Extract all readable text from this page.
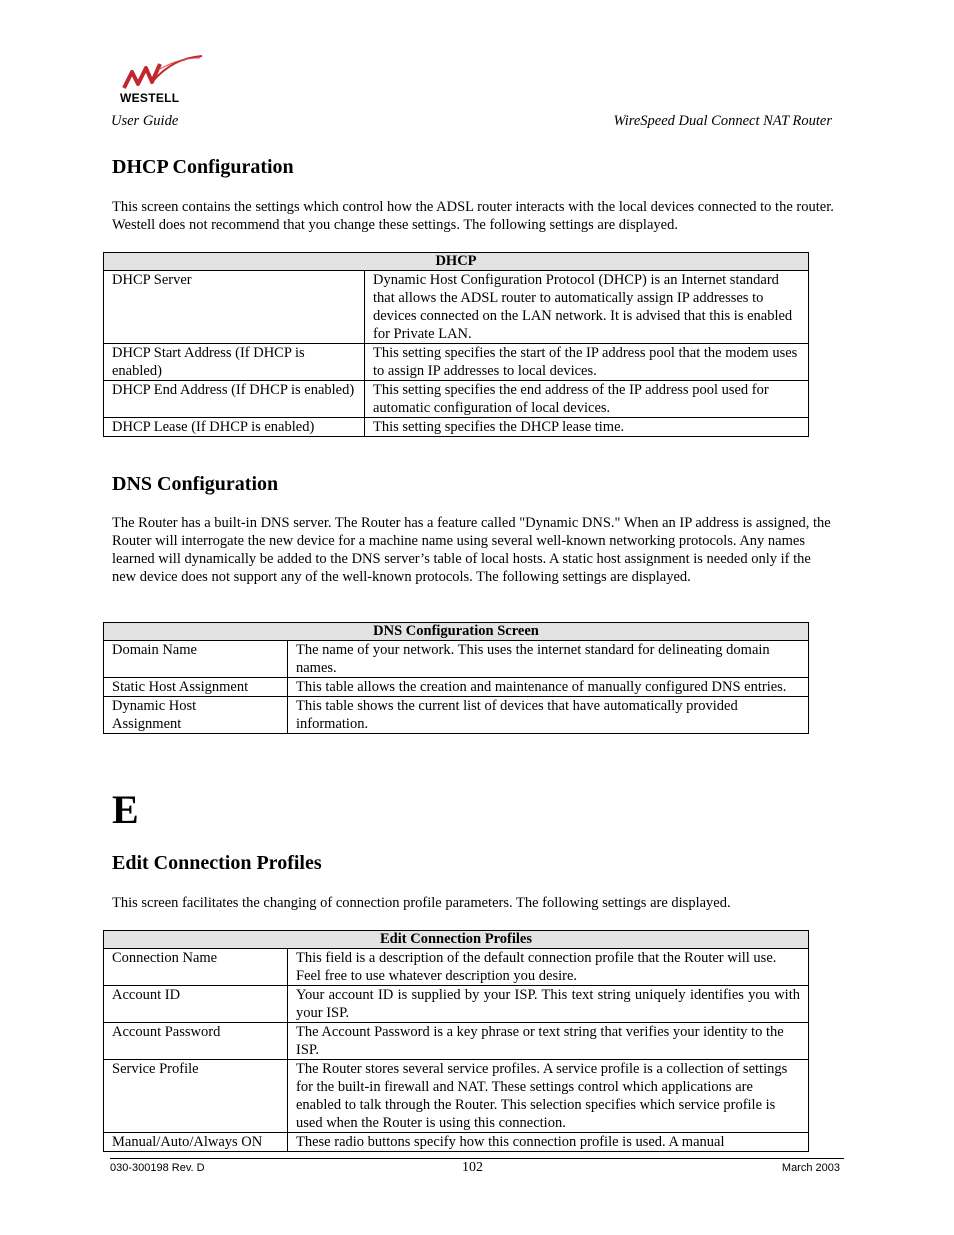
WESTELL
User Guide	WireSpeed Dual Connect NAT Router
DHCP Configuration

This screen contains the settings which control how the ADSL router interacts with the local devices connected to the router. Westell does not recommend that you change these settings. The following settings are displayed.

DHCP	
DHCP Server	Dynamic Host Configuration Protocol (DHCP) is an Internet standard that allows the ADSL router to automatically assign IP addresses to devices connected on the LAN network. It is advised that this is enabled for Private LAN.
DHCP Start Address (If DHCP is enabled)	This setting specifies the start of the IP address pool that the modem uses to assign IP addresses to local devices.
DHCP End Address (If DHCP is enabled)	This setting specifies the end address of the IP address pool used for automatic configuration of local devices.
DHCP Lease (If DHCP is enabled)	This setting specifies the DHCP lease time.
DNS Configuration

The Router has a built-in DNS server. The Router has a feature called "Dynamic DNS." When an IP address is assigned, the Router will interrogate the new device for a machine name using several well-known networking protocols. Any names learned will dynamically be added to the DNS server’s table of local hosts. A static host assignment is needed only if the new device does not support any of the well-known protocols. The following settings are displayed.

DNS Configuration Screen	
Domain Name	The name of your network. This uses the internet standard for delineating domain names.
Static Host Assignment	This table allows the creation and maintenance of manually configured DNS entries.
Dynamic Host Assignment	This table shows the current list of devices that have automatically provided information.
E
Edit Connection Profiles

This screen facilitates the changing of connection profile parameters. The following settings are displayed.

Edit Connection Profiles	
Connection Name	This field is a description of the default connection profile that the Router will use. Feel free to use whatever description you desire.
Account ID	Your account ID is supplied by your ISP. This text string uniquely identifies you with your ISP.
Account Password	The Account Password is a key phrase or text string that verifies your identity to the ISP.
Service Profile	The Router stores several service profiles. A service profile is a collection of settings for the built-in firewall and NAT. These settings control which applications are enabled to talk through the Router. This selection specifies which service profile is used when the Router is using this connection.
Manual/Auto/Always ON	These radio buttons specify how this connection profile is used. A manual
030-300198 Rev. D	102	March 2003
